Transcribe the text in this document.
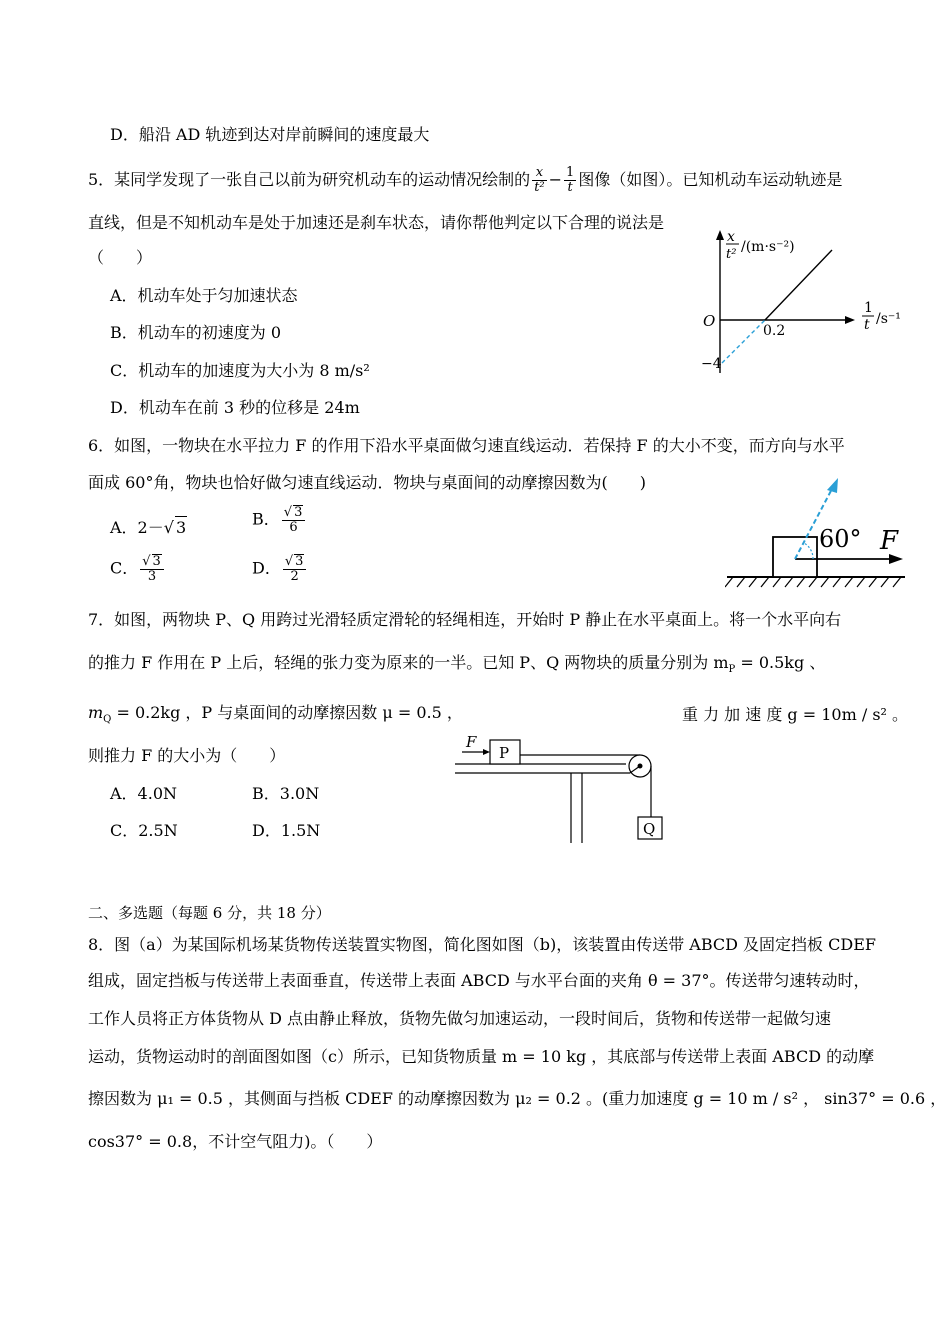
D．船沿 AD 轨迹到达对岸前瞬间的速度最大
5．某同学发现了一张自己以前为研究机动车的运动情况绘制的 $\frac{x}{\text{t²}} - \frac{1}{t}$ 图像（如图）。已知机动车运动轨迹是
直线，但是不知机动车是处于加速还是刹车状态，请你帮他判定以下合理的说法是
（　　）
A．机动车处于匀加速状态
B．机动车的初速度为 0
C．机动车的加速度为大小为 8 m/s²
D．机动车在前 3 秒的位移是 24m
x
t² /(m·s⁻²)
O
0.2
−4
1
t /s⁻¹
6．如图，一物块在水平拉力 F 的作用下沿水平桌面做匀速直线运动．若保持 F 的大小不变，而方向与水平
面成 60°角，物块也恰好做匀速直线运动．物块与桌面间的动摩擦因数为(　　)
A．2－√ 3	B． $\frac{√ 3}{6}$
C． $\frac{√ 3}{3}$	D． $\frac{√ 3}{2}$
60° F
7．如图，两物块 P、Q 用跨过光滑轻质定滑轮的轻绳相连，开始时 P 静止在水平桌面上。将一个水平向右
的推力 F 作用在 P 上后，轻绳的张力变为原来的一半。已知 P、Q 两物块的质量分别为 $m_P = 0.5kg$ 、
$m_Q = 0.2kg$ ，P 与桌面间的动摩擦因数 μ = 0.5 ，	重 力 加 速 度 g = 10m / s² 。
则推力 F 的大小为（　　）
A．4.0N	B．3.0N
C．2.5N	D．1.5N
P
F
Q
二、多选题（每题 6 分，共 18 分）
8．图（a）为某国际机场某货物传送装置实物图，简化图如图（b)，该装置由传送带 ABCD 及固定挡板 CDEF
组成，固定挡板与传送带上表面垂直，传送带上表面 ABCD 与水平台面的夹角 θ = 37°。传送带匀速转动时，
工作人员将正方体货物从 D 点由静止释放，货物先做匀加速运动，一段时间后，货物和传送带一起做匀速
运动，货物运动时的剖面图如图（c）所示，已知货物质量 m = 10 kg ，其底部与传送带上表面 ABCD 的动摩
擦因数为 μ₁ = 0.5 ，其侧面与挡板 CDEF 的动摩擦因数为 μ₂ = 0.2 。(重力加速度 g = 10 m / s² ， sin37° = 0.6 ，
cos37° = 0.8，不计空气阻力)。（　　）
